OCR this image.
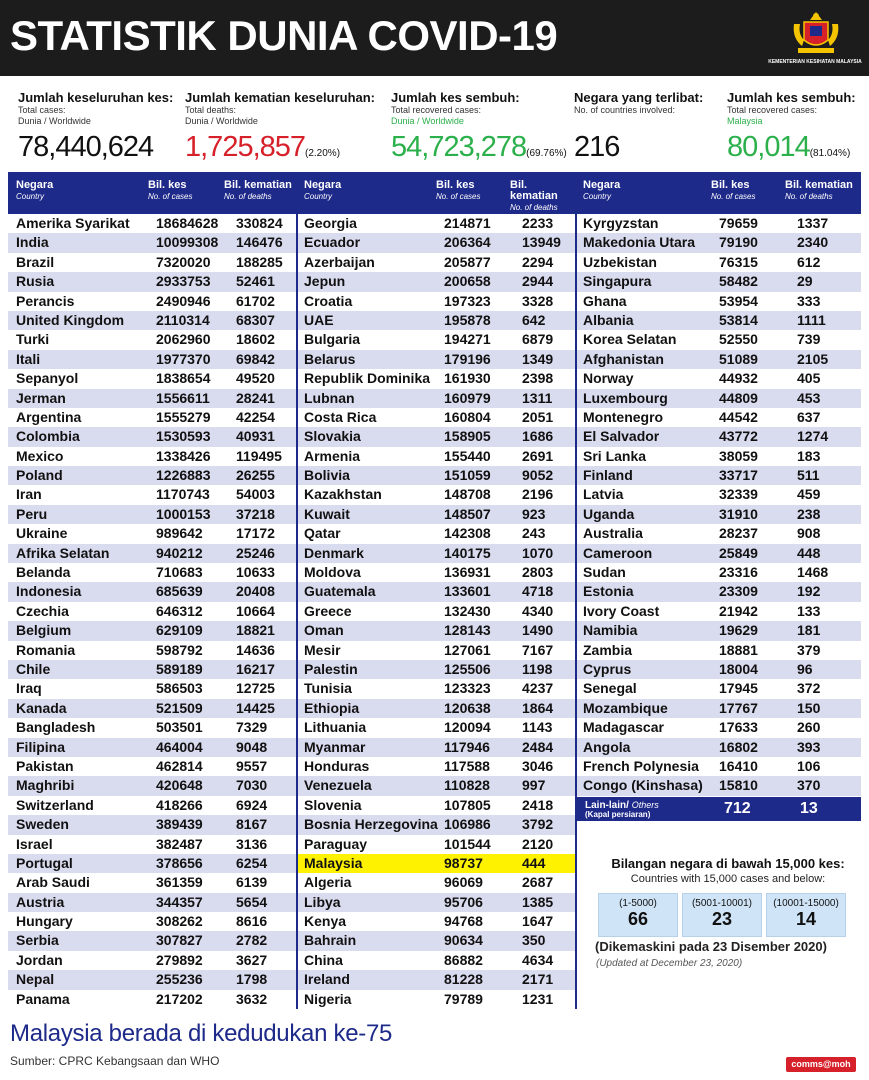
STATISTIK DUNIA COVID-19
KEMENTERIAN KESIHATAN MALAYSIA
Jumlah keseluruhan kes:
Total cases:
Dunia / Worldwide
78,440,624
Jumlah kematian keseluruhan:
Total deaths:
Dunia / Worldwide
1,725,857(2.20%)
Jumlah kes sembuh:
Total recovered cases:
Dunia / Worldwide
54,723,278(69.76%)
Negara yang terlibat:
No. of countries involved:

216
Jumlah kes sembuh:
Total recovered cases:
Malaysia
80,014(81.04%)
Negara
Country
Bil. kes
No. of cases
Bil. kematian
No. of deaths
Amerika Syarikat 18684628 330824
India	10099308 146476
Brazil	7320020 188285
Rusia	2933753 52461
Perancis	2490946 61702
United Kingdom 2110314 68307
Turki	2062960 18602
Itali	1977370 69842
Sepanyol	1838654 49520
Jerman	1556611 28241
Argentina	1555279 42254
Colombia	1530593 40931
Mexico	1338426 119495
Poland	1226883 26255
Iran	1170743 54003
Peru	1000153 37218
Ukraine	989642 17172
Afrika Selatan	940212 25246
Belanda	710683 10633
Indonesia	685639 20408
Czechia	646312 10664
Belgium	629109 18821
Romania	598792 14636
Chile	589189 16217
Iraq	586503 12725
Kanada	521509 14425
Bangladesh	503501 7329
Filipina	464004 9048
Pakistan	462814 9557
Maghribi	420648 7030
Switzerland	418266 6924
Sweden	389439 8167
Israel	382487 3136
Portugal	378656 6254
Arab Saudi	361359 6139
Austria	344357 5654
Hungary	308262 8616
Serbia	307827 2782
Jordan	279892 3627
Nepal	255236 1798
Panama	217202 3632
Negara
Country
Bil. kes
No. of cases
Bil. kematian
No. of deaths
Georgia	214871 2233
Ecuador	206364 13949
Azerbaijan	205877 2294
Jepun	200658 2944
Croatia	197323 3328
UAE	195878 642
Bulgaria	194271 6879
Belarus	179196 1349
Republik Dominika 161930 2398
Lubnan	160979 1311
Costa Rica	160804 2051
Slovakia	158905 1686
Armenia	155440 2691
Bolivia	151059 9052
Kazakhstan	148708 2196
Kuwait	148507 923
Qatar	142308 243
Denmark	140175 1070
Moldova	136931 2803
Guatemala	133601 4718
Greece	132430 4340
Oman	128143 1490
Mesir	127061 7167
Palestin	125506 1198
Tunisia	123323 4237
Ethiopia	120638 1864
Lithuania	120094 1143
Myanmar	117946 2484
Honduras	117588 3046
Venezuela	110828 997
Slovenia	107805 2418
Bosnia Herzegovina 106986 3792
Paraguay	101544 2120
Malaysia	98737	444
Algeria	96069	2687
Libya	95706	1385
Kenya	94768	1647
Bahrain	90634	350
China	86882	4634
Ireland	81228	2171
Nigeria	79789	1231
Negara
Country
Bil. kes
No. of cases
Bil. kematian
No. of deaths
Kyrgyzstan	79659	1337
Makedonia Utara 79190	2340
Uzbekistan	76315	612
Singapura	58482	29
Ghana	53954	333
Albania	53814	1111
Korea Selatan	52550	739
Afghanistan	51089	2105
Norway	44932	405
Luxembourg	44809	453
Montenegro	44542	637
El Salvador	43772	1274
Sri Lanka	38059	183
Finland	33717	511
Latvia	32339	459
Uganda	31910	238
Australia	28237	908
Cameroon	25849	448
Sudan	23316	1468
Estonia	23309	192
Ivory Coast	21942	133
Namibia	19629	181
Zambia	18881	379
Cyprus	18004	96
Senegal	17945	372
Mozambique	17767	150
Madagascar	17633	260
Angola	16802	393
French Polynesia 16410	106
Congo (Kinshasa) 15810	370
Lain-lain/ Others
(Kapal persiaran)	712	13
Bilangan negara di bawah 15,000 kes:
Countries with 15,000 cases and below:
(1-5000)
66
(5001-10001)
23
(10001-15000)
14
(Dikemaskini pada 23 Disember 2020)
(Updated at December 23, 2020)
Malaysia berada di kedudukan ke-75
Sumber: CPRC Kebangsaan dan WHO	comms@moh
